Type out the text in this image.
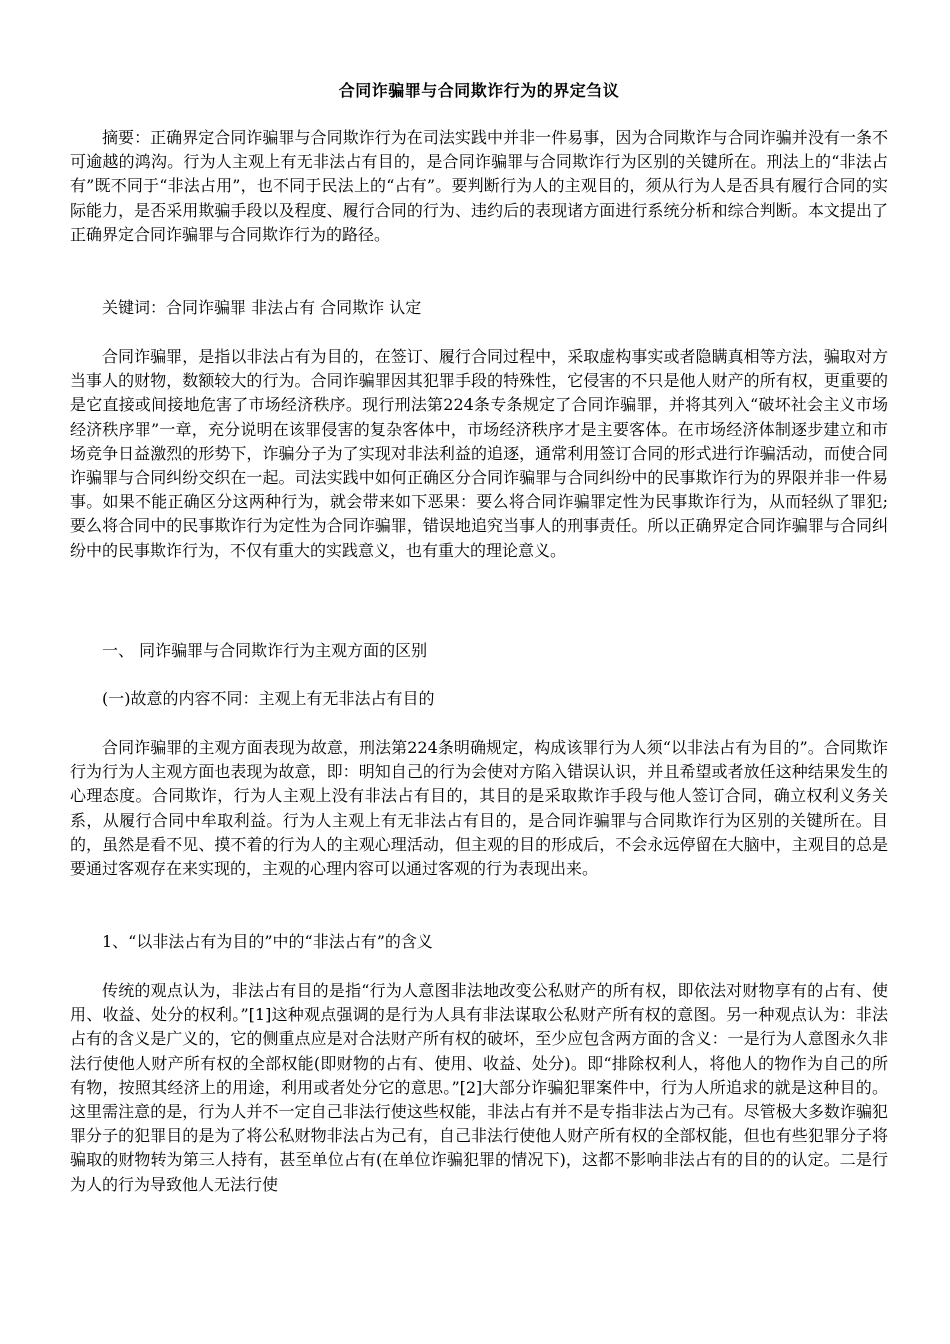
合同诈骗罪与合同欺诈行为的界定刍议

摘要：正确界定合同诈骗罪与合同欺诈行为在司法实践中并非一件易事，因为合同欺诈与合同诈骗并没有一条不可逾越的鸿沟。行为人主观上有无非法占有目的，是合同诈骗罪与合同欺诈行为区别的关键所在。刑法上的“非法占有”既不同于“非法占用”，也不同于民法上的“占有”。要判断行为人的主观目的，须从行为人是否具有履行合同的实际能力，是否采用欺骗手段以及程度、履行合同的行为、违约后的表现诸方面进行系统分析和综合判断。本文提出了正确界定合同诈骗罪与合同欺诈行为的路径。

关键词：合同诈骗罪 非法占有 合同欺诈 认定

合同诈骗罪，是指以非法占有为目的，在签订、履行合同过程中，采取虚构事实或者隐瞒真相等方法，骗取对方当事人的财物，数额较大的行为。合同诈骗罪因其犯罪手段的特殊性，它侵害的不只是他人财产的所有权，更重要的是它直接或间接地危害了市场经济秩序。现行刑法第224条专条规定了合同诈骗罪，并将其列入“破坏社会主义市场经济秩序罪”一章，充分说明在该罪侵害的复杂客体中，市场经济秩序才是主要客体。在市场经济体制逐步建立和市场竞争日益激烈的形势下，诈骗分子为了实现对非法利益的追逐，通常利用签订合同的形式进行诈骗活动，而使合同诈骗罪与合同纠纷交织在一起。司法实践中如何正确区分合同诈骗罪与合同纠纷中的民事欺诈行为的界限并非一件易事。如果不能正确区分这两种行为，就会带来如下恶果：要么将合同诈骗罪定性为民事欺诈行为，从而轻纵了罪犯;要么将合同中的民事欺诈行为定性为合同诈骗罪，错误地追究当事人的刑事责任。所以正确界定合同诈骗罪与合同纠纷中的民事欺诈行为，不仅有重大的实践意义，也有重大的理论意义。

一、 同诈骗罪与合同欺诈行为主观方面的区别

(一)故意的内容不同：主观上有无非法占有目的

合同诈骗罪的主观方面表现为故意，刑法第224条明确规定，构成该罪行为人须“以非法占有为目的”。合同欺诈行为行为人主观方面也表现为故意，即：明知自己的行为会使对方陷入错误认识，并且希望或者放任这种结果发生的心理态度。合同欺诈，行为人主观上没有非法占有目的，其目的是采取欺诈手段与他人签订合同，确立权利义务关系，从履行合同中牟取利益。行为人主观上有无非法占有目的，是合同诈骗罪与合同欺诈行为区别的关键所在。目的，虽然是看不见、摸不着的行为人的主观心理活动，但主观的目的形成后，不会永远停留在大脑中，主观目的总是要通过客观存在来实现的，主观的心理内容可以通过客观的行为表现出来。

1、“以非法占有为目的”中的“非法占有”的含义

传统的观点认为，非法占有目的是指“行为人意图非法地改变公私财产的所有权，即依法对财物享有的占有、使用、收益、处分的权利。”[1]这种观点强调的是行为人具有非法谋取公私财产所有权的意图。另一种观点认为：非法占有的含义是广义的，它的侧重点应是对合法财产所有权的破坏，至少应包含两方面的含义：一是行为人意图永久非法行使他人财产所有权的全部权能(即财物的占有、使用、收益、处分)。即“排除权利人，将他人的物作为自己的所有物，按照其经济上的用途，利用或者处分它的意思。”[2]大部分诈骗犯罪案件中，行为人所追求的就是这种目的。这里需注意的是，行为人并不一定自己非法行使这些权能，非法占有并不是专指非法占为己有。尽管极大多数诈骗犯罪分子的犯罪目的是为了将公私财物非法占为己有，自己非法行使他人财产所有权的全部权能，但也有些犯罪分子将骗取的财物转为第三人持有，甚至单位占有(在单位诈骗犯罪的情况下)，这都不影响非法占有的目的的认定。二是行为人的行为导致他人无法行使
